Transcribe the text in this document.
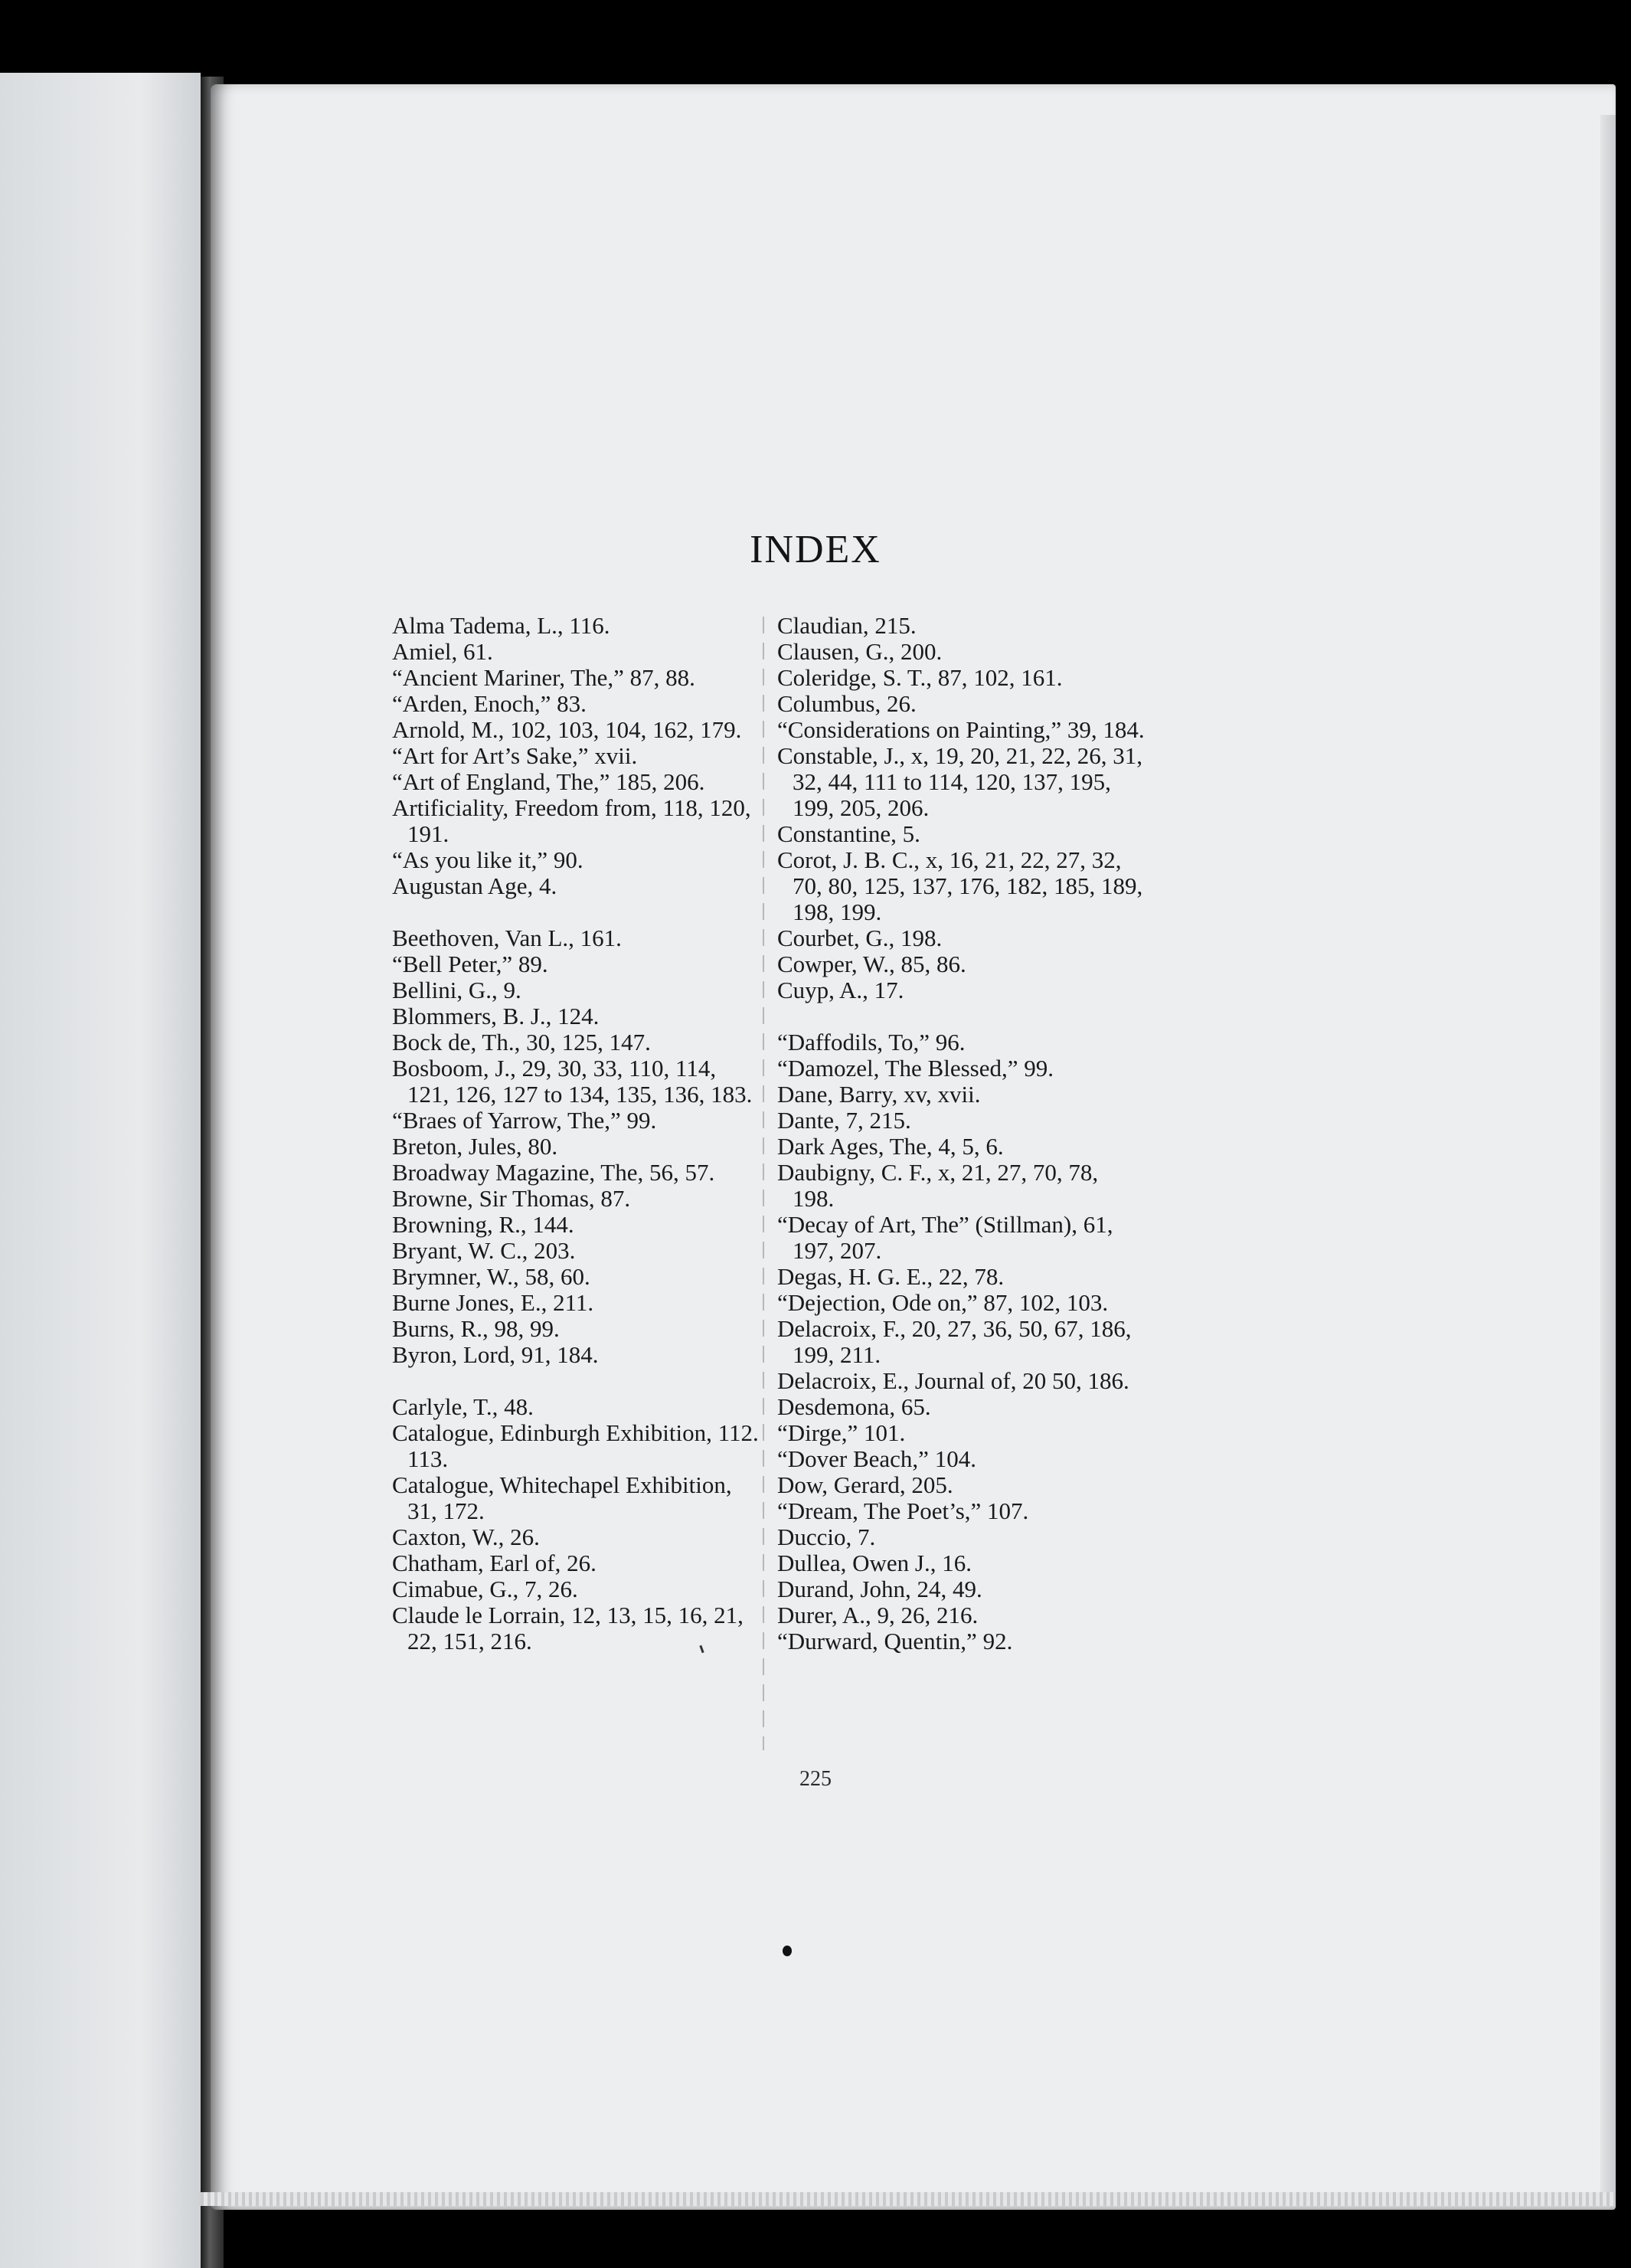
INDEX

Alma Tadema, L., 116.

Amiel, 61.

“Ancient Mariner, The,” 87, 88.

“Arden, Enoch,” 83.

Arnold, M., 102, 103, 104, 162, 179.

“Art for Art’s Sake,” xvii.

“Art of England, The,” 185, 206.

Artificiality, Freedom from, 118, 120, 191.

“As you like it,” 90.

Augustan Age, 4.

Beethoven, Van L., 161.

“Bell Peter,” 89.

Bellini, G., 9.

Blommers, B. J., 124.

Bock de, Th., 30, 125, 147.

Bosboom, J., 29, 30, 33, 110, 114, 121, 126, 127 to 134, 135, 136, 183.

“Braes of Yarrow, The,” 99.

Breton, Jules, 80.

Broadway Magazine, The, 56, 57.

Browne, Sir Thomas, 87.

Browning, R., 144.

Bryant, W. C., 203.

Brymner, W., 58, 60.

Burne Jones, E., 211.

Burns, R., 98, 99.

Byron, Lord, 91, 184.

Carlyle, T., 48.

Catalogue, Edinburgh Exhibition, 112. 113.

Catalogue, Whitechapel Exhibition, 31, 172.

Caxton, W., 26.

Chatham, Earl of, 26.

Cimabue, G., 7, 26.

Claude le Lorrain, 12, 13, 15, 16, 21, 22, 151, 216.

Claudian, 215.

Clausen, G., 200.

Coleridge, S. T., 87, 102, 161.

Columbus, 26.

“Considerations on Painting,” 39, 184.

Constable, J., x, 19, 20, 21, 22, 26, 31, 32, 44, 111 to 114, 120, 137, 195, 199, 205, 206.

Constantine, 5.

Corot, J. B. C., x, 16, 21, 22, 27, 32, 70, 80, 125, 137, 176, 182, 185, 189, 198, 199.

Courbet, G., 198.

Cowper, W., 85, 86.

Cuyp, A., 17.

“Daffodils, To,” 96.

“Damozel, The Blessed,” 99.

Dane, Barry, xv, xvii.

Dante, 7, 215.

Dark Ages, The, 4, 5, 6.

Daubigny, C. F., x, 21, 27, 70, 78, 198.

“Decay of Art, The” (Stillman), 61, 197, 207.

Degas, H. G. E., 22, 78.

“Dejection, Ode on,” 87, 102, 103.

Delacroix, F., 20, 27, 36, 50, 67, 186, 199, 211.

Delacroix, E., Journal of, 20 50, 186.

Desdemona, 65.

“Dirge,” 101.

“Dover Beach,” 104.

Dow, Gerard, 205.

“Dream, The Poet’s,” 107.

Duccio, 7.

Dullea, Owen J., 16.

Durand, John, 24, 49.

Durer, A., 9, 26, 216.

“Durward, Quentin,” 92.

225
